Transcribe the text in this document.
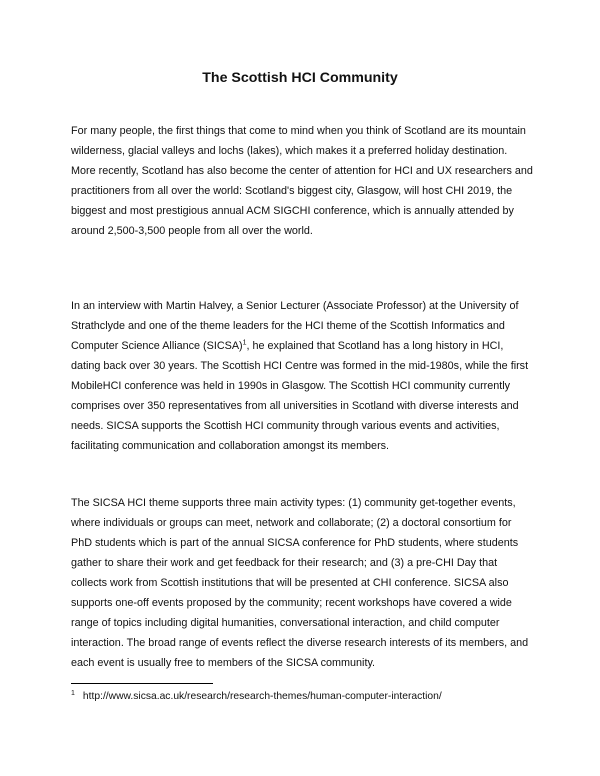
The Scottish HCI Community

For many people, the first things that come to mind when you think of Scotland are its mountain wilderness, glacial valleys and lochs (lakes), which makes it a preferred holiday destination. More recently, Scotland has also become the center of attention for HCI and UX researchers and practitioners from all over the world: Scotland's biggest city, Glasgow, will host CHI 2019, the biggest and most prestigious annual ACM SIGCHI conference, which is annually attended by around 2,500-3,500 people from all over the world.

In an interview with Martin Halvey, a Senior Lecturer (Associate Professor) at the University of Strathclyde and one of the theme leaders for the HCI theme of the Scottish Informatics and Computer Science Alliance (SICSA)$^1$, he explained that Scotland has a long history in HCI, dating back over 30 years. The Scottish HCI Centre was formed in the mid-1980s, while the first MobileHCI conference was held in 1990s in Glasgow. The Scottish HCI community currently comprises over 350 representatives from all universities in Scotland with diverse interests and needs. SICSA supports the Scottish HCI community through various events and activities, facilitating communication and collaboration amongst its members.

The SICSA HCI theme supports three main activity types: (1) community get-together events, where individuals or groups can meet, network and collaborate; (2) a doctoral consortium for PhD students which is part of the annual SICSA conference for PhD students, where students gather to share their work and get feedback for their research; and (3) a pre-CHI Day that collects work from Scottish institutions that will be presented at CHI conference. SICSA also supports one-off events proposed by the community; recent workshops have covered a wide range of topics including digital humanities, conversational interaction, and child computer interaction. The broad range of events reflect the diverse research interests of its members, and each event is usually free to members of the SICSA community.

$^1$ http://www.sicsa.ac.uk/research/research-themes/human-computer-interaction/
